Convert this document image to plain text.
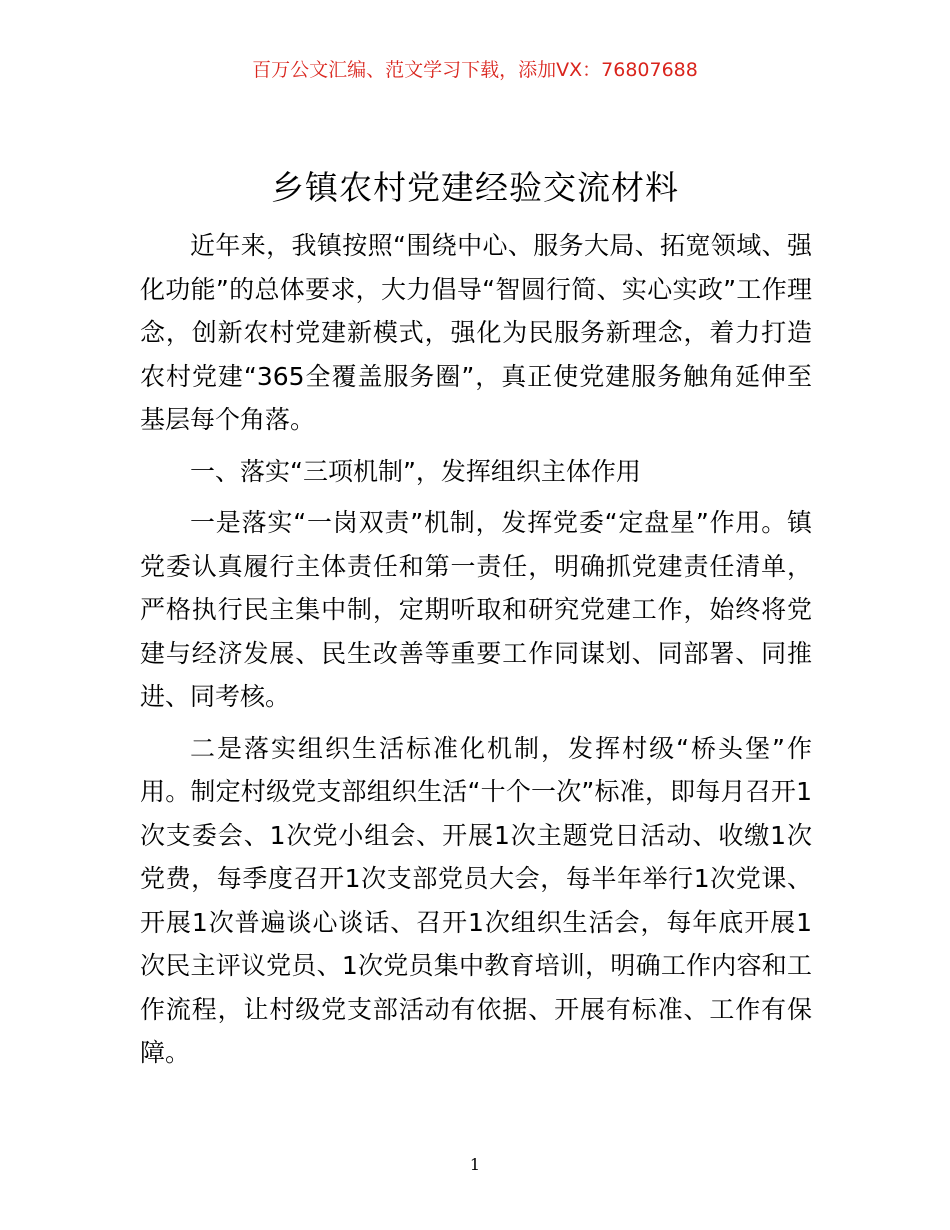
百万公文汇编、范文学习下载，添加VX：76807688
乡镇农村党建经验交流材料

近年来，我镇按照“围绕中心、服务大局、拓宽领域、强化功能”的总体要求，大力倡导“智圆行简、实心实政”工作理念，创新农村党建新模式，强化为民服务新理念，着力打造农村党建“365全覆盖服务圈”，真正使党建服务触角延伸至基层每个角落。

一、落实“三项机制”，发挥组织主体作用

一是落实“一岗双责”机制，发挥党委“定盘星”作用。镇党委认真履行主体责任和第一责任，明确抓党建责任清单，严格执行民主集中制，定期听取和研究党建工作，始终将党建与经济发展、民生改善等重要工作同谋划、同部署、同推进、同考核。

二是落实组织生活标准化机制，发挥村级“桥头堡”作用。制定村级党支部组织生活“十个一次”标准，即每月召开1次支委会、1次党小组会、开展1次主题党日活动、收缴1次党费，每季度召开1次支部党员大会，每半年举行1次党课、开展1次普遍谈心谈话、召开1次组织生活会，每年底开展1次民主评议党员、1次党员集中教育培训，明确工作内容和工作流程，让村级党支部活动有依据、开展有标准、工作有保障。

1
